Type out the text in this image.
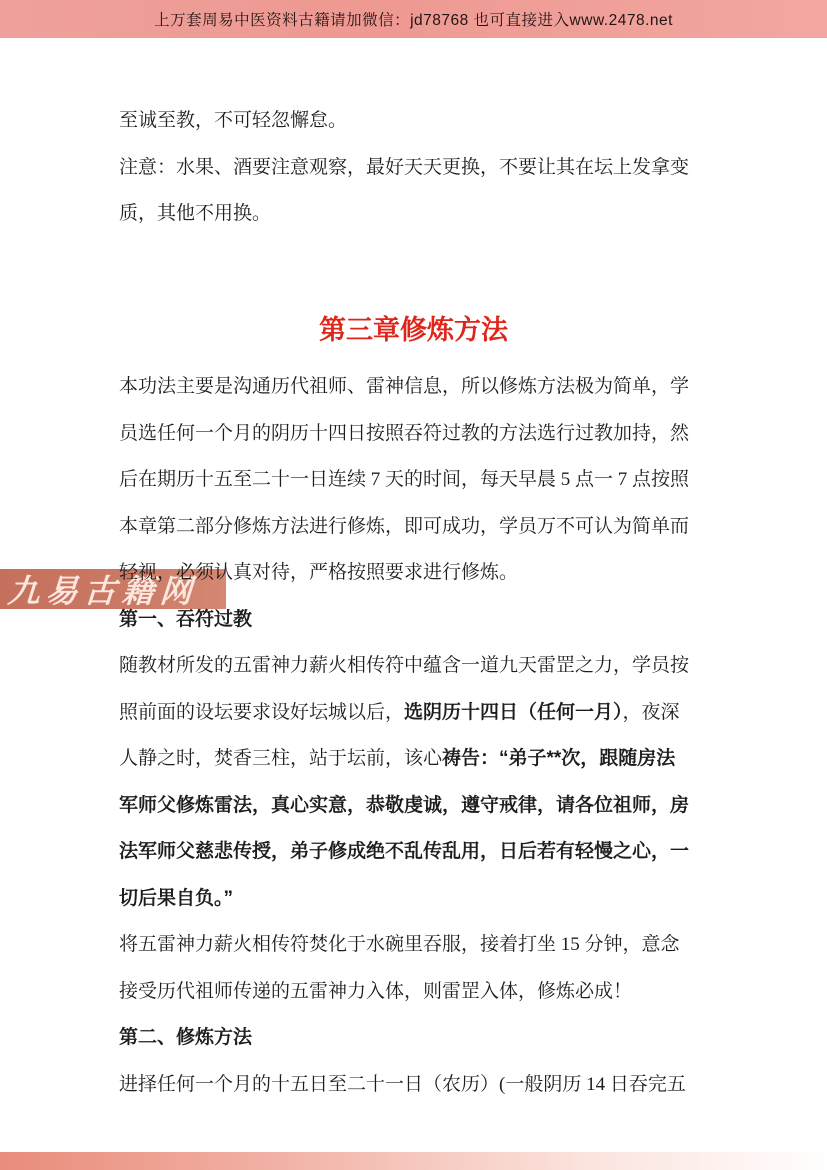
上万套周易中医资料古籍请加微信：jd78768 也可直接进入www.2478.net
九易古籍网
至诚至教，不可轻忽懈怠。
注意：水果、酒要注意观察，最好天天更换，不要让其在坛上发拿变
质，其他不用换。
第三章修炼方法
本功法主要是沟通历代祖师、雷神信息，所以修炼方法极为简单，学
员选任何一个月的阴历十四日按照吞符过教的方法选行过教加持，然
后在期历十五至二十一日连续 7 天的时间，每天早晨 5 点一 7 点按照
本章第二部分修炼方法进行修炼，即可成功，学员万不可认为简单而
轻视，必须认真对待，严格按照要求进行修炼。
第一、吞符过教
随教材所发的五雷神力薪火相传符中蕴含一道九天雷罡之力，学员按
照前面的设坛要求设好坛城以后，选阴历十四日（任何一月），夜深
人静之时，焚香三柱，站于坛前，该心祷告：“弟子**次，跟随房法
军师父修炼雷法，真心实意，恭敬虔诚，遵守戒律，请各位祖师，房
法军师父慈悲传授，弟子修成绝不乱传乱用，日后若有轻慢之心，一
切后果自负。”
将五雷神力薪火相传符焚化于水碗里吞服，接着打坐 15 分钟，意念
接受历代祖师传递的五雷神力入体，则雷罡入体，修炼必成！
第二、修炼方法
进择任何一个月的十五日至二十一日（农历）(一般阴历 14 日吞完五
